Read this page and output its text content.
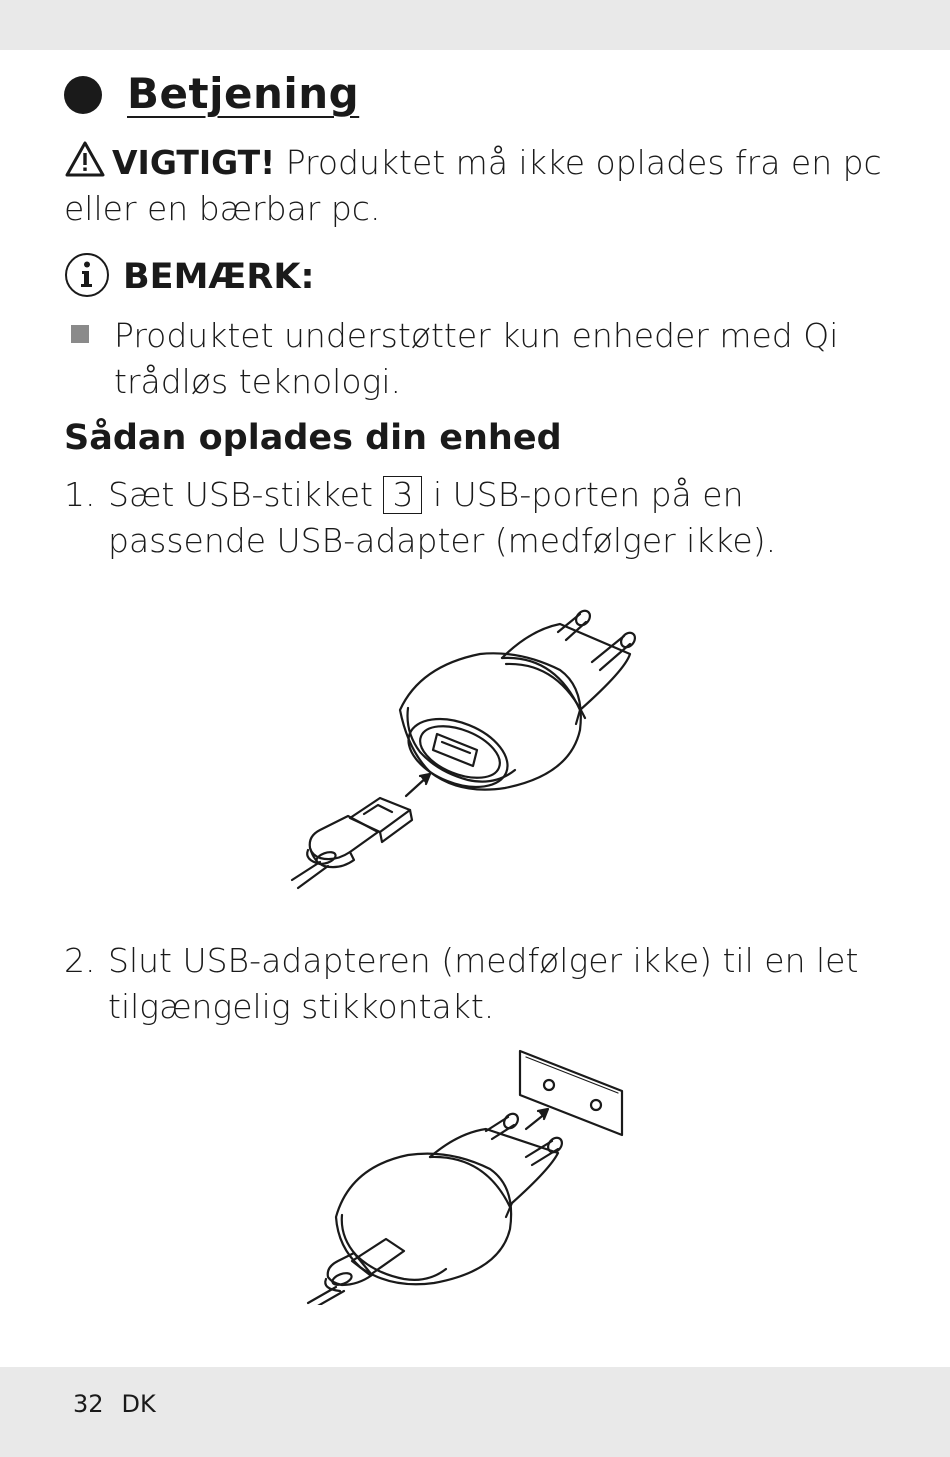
Betjening
VIGTIGT! Produktet må ikke oplades fra en pc
eller en bærbar pc.
BEMÆRK:
Produktet understøtter kun enheder med Qi
trådløs teknologi.
Sådan oplades din enhed
1. Sæt USB-stikket 3 i USB-porten på en
passende USB-adapter (medfølger ikke).
2. Slut USB-adapteren (medfølger ikke) til en let
tilgængelig stikkontakt.
32 DK
